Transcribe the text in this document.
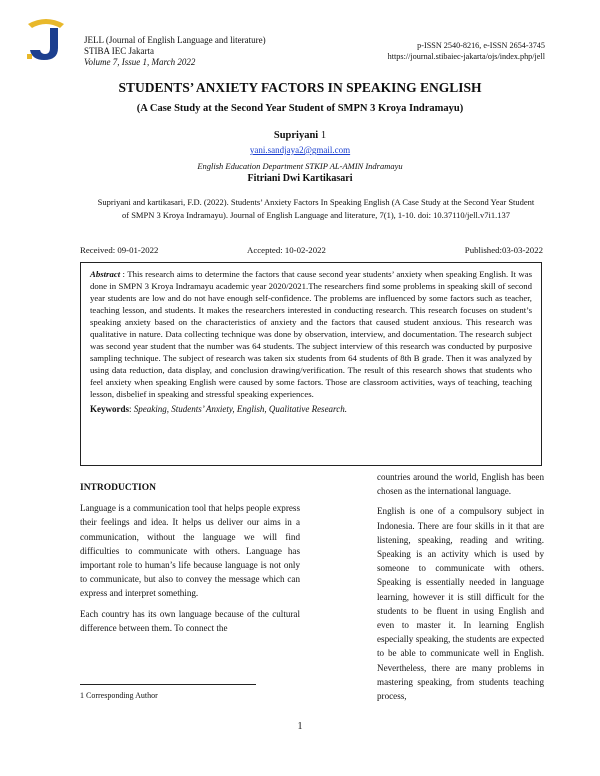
JELL (Journal of English Language and literature)
STIBA IEC Jakarta
Volume 7, Issue 1, March 2022
p-ISSN 2540-8216, e-ISSN 2654-3745
https://journal.stibaiec-jakarta/ojs/index.php/jell
STUDENTS’ ANXIETY FACTORS IN SPEAKING ENGLISH
(A Case Study at the Second Year Student of SMPN 3 Kroya Indramayu)
Supriyani 1
yani.sandjaya2@gmail.com
English Education Department STKIP AL-AMIN Indramayu
Fitriani Dwi Kartikasari
Supriyani and kartikasari, F.D. (2022). Students’ Anxiety Factors In Speaking English (A Case Study at the Second Year Student of SMPN 3 Kroya Indramayu). Journal of English Language and literature, 7(1), 1-10. doi: 10.37110/jell.v7i1.137
Received: 09-01-2022	Accepted: 10-02-2022	Published:03-03-2022
Abstract : This research aims to determine the factors that cause second year students’ anxiety when speaking English. It was done in SMPN 3 Kroya Indramayu academic year 2020/2021.The researchers find some problems in speaking skill of second year students are low and do not have enough self-confidence. The problems are influenced by some factors such as teacher, teaching lesson, and students. It makes the researchers interested in conducting research. This research focuses on student’s speaking anxiety based on the characteristics of anxiety and the factors that caused student anxious. This research was qualitative in nature. Data collecting technique was done by observation, interview, and documentation. The research subject was second year student that the number was 64 students. The subject interview of this research was conducted by purposive sampling technique. The subject of research was taken six students from 64 students of 8th B grade. Then it was analyzed by using data reduction, data display, and conclusion drawing/verification. The result of this research shows that students who feel anxiety when speaking English were caused by some factors. Those are classroom activities, ways of teaching, teaching lesson, disbelief in speaking and stressful speaking experiences.
Keywords: Speaking, Students’ Anxiety, English, Qualitative Research.
INTRODUCTION

Language is a communication tool that helps people express their feelings and idea. It helps us deliver our aims in a communication, without the language we will find difficulties to communicate with others. Language has important role to human’s life because language is not only to communicate, but also to convey the message which can express and interpret something.

Each country has its own language because of the cultural difference between them. To connect the

countries around the world, English has been chosen as the international language.

English is one of a compulsory subject in Indonesia. There are four skills in it that are listening, speaking, reading and writing. Speaking is an activity which is used by someone to communicate with others. Speaking is essentially needed in language learning, however it is still difficult for the students to be fluent in using English and even to master it. In learning English especially speaking, the students are expected to be able to communicate well in English. Nevertheless, there are many problems in mastering speaking, from students teaching process,

1 Corresponding Author
1
